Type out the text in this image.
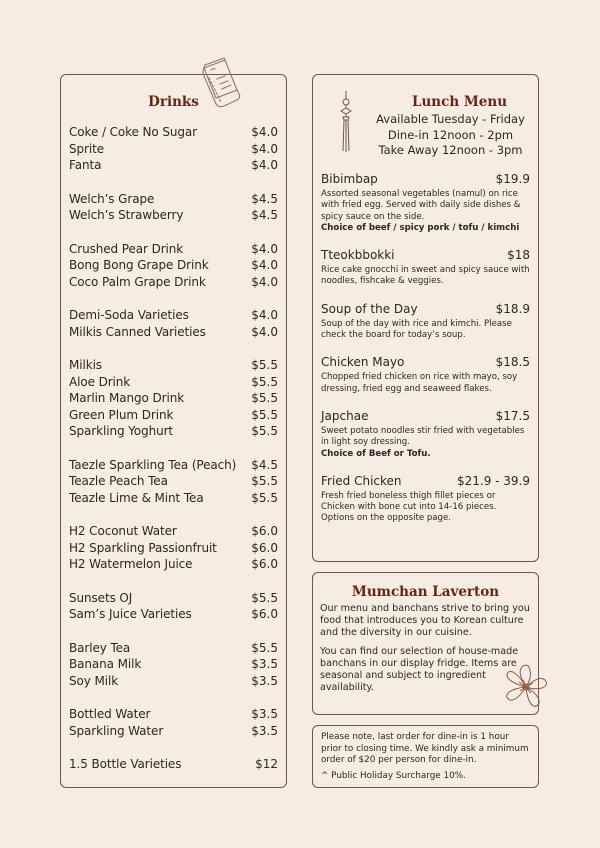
Drinks
Coke / Coke No Sugar	$4.0
Sprite	$4.0
Fanta	$4.0
Welch’s Grape	$4.5
Welch’s Strawberry	$4.5
Crushed Pear Drink	$4.0
Bong Bong Grape Drink	$4.0
Coco Palm Grape Drink	$4.0
Demi-Soda Varieties	$4.0
Milkis Canned Varieties	$4.0
Milkis	$5.5
Aloe Drink	$5.5
Marlin Mango Drink	$5.5
Green Plum Drink	$5.5
Sparkling Yoghurt	$5.5
Taezle Sparkling Tea (Peach) $4.5
Teazle Peach Tea	$5.5
Teazle Lime & Mint Tea	$5.5
H2 Coconut Water	$6.0
H2 Sparkling Passionfruit	$6.0
H2 Watermelon Juice	$6.0
Sunsets OJ	$5.5
Sam’s Juice Varieties	$6.0
Barley Tea	$5.5
Banana Milk	$3.5
Soy Milk	$3.5
Bottled Water	$3.5
Sparkling Water	$3.5
1.5 Bottle Varieties	$12
Lunch Menu
Available Tuesday - Friday
Dine-in 12noon - 2pm
Take Away 12noon - 3pm
Bibimbap	$19.9
Assorted seasonal vegetables (namul) on rice with fried egg. Served with daily side dishes & spicy sauce on the side.
Choice of beef / spicy pork / tofu / kimchi
Tteokbbokki	$18
Rice cake gnocchi in sweet and spicy sauce with noodles, fishcake & veggies.
Soup of the Day	$18.9
Soup of the day with rice and kimchi. Please check the board for today’s soup.
Chicken Mayo	$18.5
Chopped fried chicken on rice with mayo, soy dressing, fried egg and seaweed flakes.
Japchae	$17.5
Sweet potato noodles stir fried with vegetables in light soy dressing.
Choice of Beef or Tofu.
Fried Chicken	$21.9 - 39.9
Fresh fried boneless thigh fillet pieces or Chicken with bone cut into 14-16 pieces. Options on the opposite page.
Mumchan Laverton

Our menu and banchans strive to bring you food that introduces you to Korean culture and the diversity in our cuisine.

You can find our selection of house-made banchans in our display fridge. Items are seasonal and subject to ingredient availability.

Please note, last order for dine-in is 1 hour prior to closing time. We kindly ask a minimum order of $20 per person for dine-in.

^ Public Holiday Surcharge 10%.
